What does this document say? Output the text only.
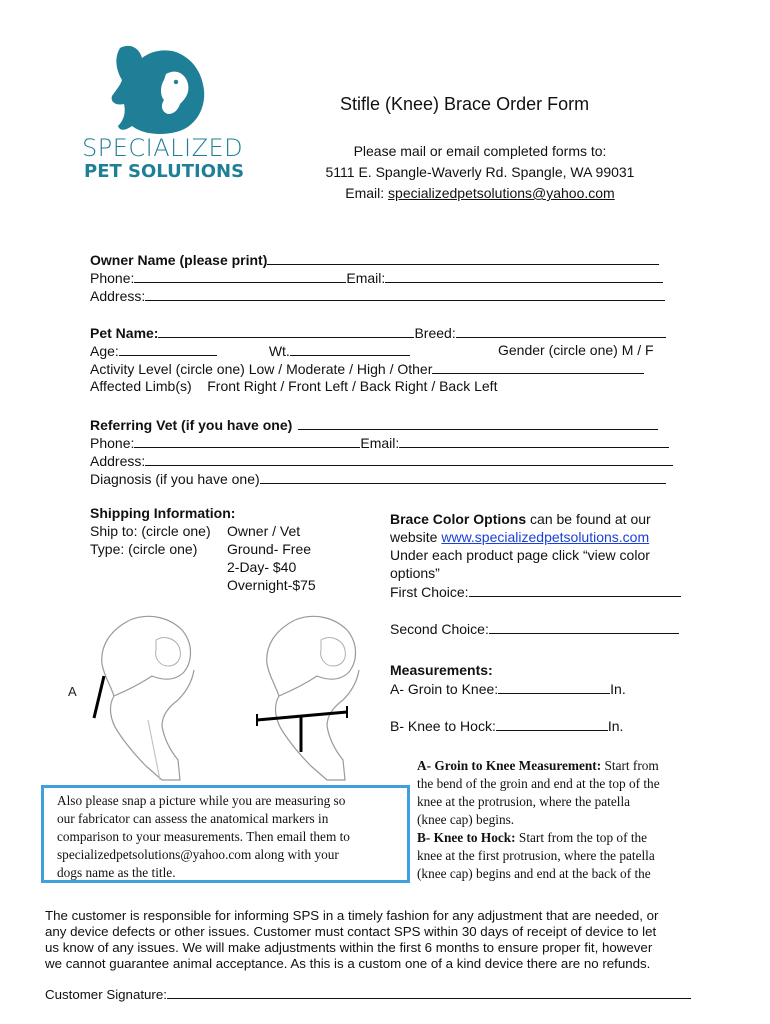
SPECIALIZED
PET SOLUTIONS
Stifle (Knee) Brace Order Form
Please mail or email completed forms to:
5111 E. Spangle-Waverly Rd. Spangle, WA 99031
Email: specializedpetsolutions@yahoo.com
Owner Name (please print)
Phone:	Email:
Address:
Pet Name:	Breed:
Age:	Wt.	Gender (circle one) M / F
Activity Level (circle one) Low / Moderate / High / Other
Affected Limb(s)    Front Right / Front Left / Back Right / Back Left
Referring Vet (if you have one)
Phone:	Email:
Address:
Diagnosis (if you have one)
Shipping Information:
Ship to: (circle one) Owner / Vet
Type: (circle one) Ground- Free
2-Day- $40
Overnight-$75
Brace Color Options can be found at our
website www.specializedpetsolutions.com
Under each product page click “view color
options”
First Choice:
Second Choice:
Measurements:
A- Groin to Knee:	In.
B- Knee to Hock:	In.
A
A- Groin to Knee Measurement: Start from
the bend of the groin and end at the top of the
knee at the protrusion, where the patella
(knee cap) begins.
B- Knee to Hock: Start from the top of the
knee at the first protrusion, where the patella
(knee cap) begins and end at the back of the
Also please snap a picture while you are measuring so
our fabricator can assess the anatomical markers in
comparison to your measurements. Then email them to
specializedpetsolutions@yahoo.com along with your
dogs name as the title.
The customer is responsible for informing SPS in a timely fashion for any adjustment that are needed, or
any device defects or other issues. Customer must contact SPS within 30 days of receipt of device to let
us know of any issues. We will make adjustments within the first 6 months to ensure proper fit, however
we cannot guarantee animal acceptance. As this is a custom one of a kind device there are no refunds.
Customer Signature:
